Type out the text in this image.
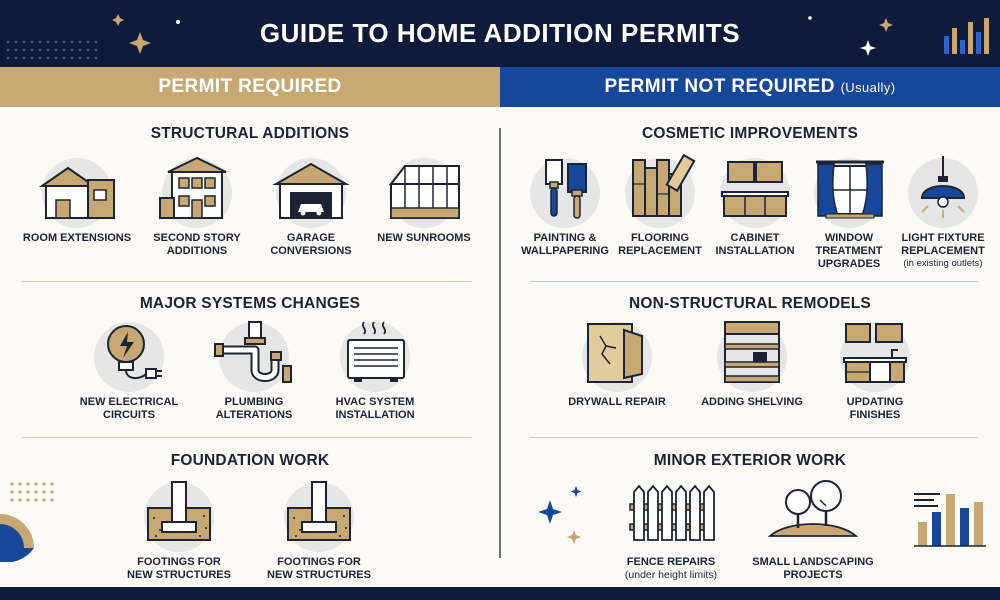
GUIDE TO HOME ADDITION PERMITS
PERMIT REQUIRED	PERMIT NOT REQUIRED (Usually)
STRUCTURAL ADDITIONS
ROOM EXTENSIONS	SECOND STORY ADDITIONS
GARAGE CONVERSIONS
NEW SUNROOMS
MAJOR SYSTEMS CHANGES
NEW ELECTRICAL CIRCUITS
PLUMBING ALTERATIONS
HVAC SYSTEM INSTALLATION
FOUNDATION WORK
FOOTINGS FOR NEW STRUCTURES
FOOTINGS FOR NEW STRUCTURES
COSMETIC IMPROVEMENTS
PAINTING & WALLPAPERING
FLOORING REPLACEMENT
CABINET INSTALLATION
WINDOW TREATMENT UPGRADES
LIGHT FIXTURE REPLACEMENT
(in existing outlets)
NON-STRUCTURAL REMODELS
DRYWALL REPAIR	ADDING SHELVING	UPDATING FINISHES
MINOR EXTERIOR WORK
FENCE REPAIRS
(under height limits)
SMALL LANDSCAPING PROJECTS
